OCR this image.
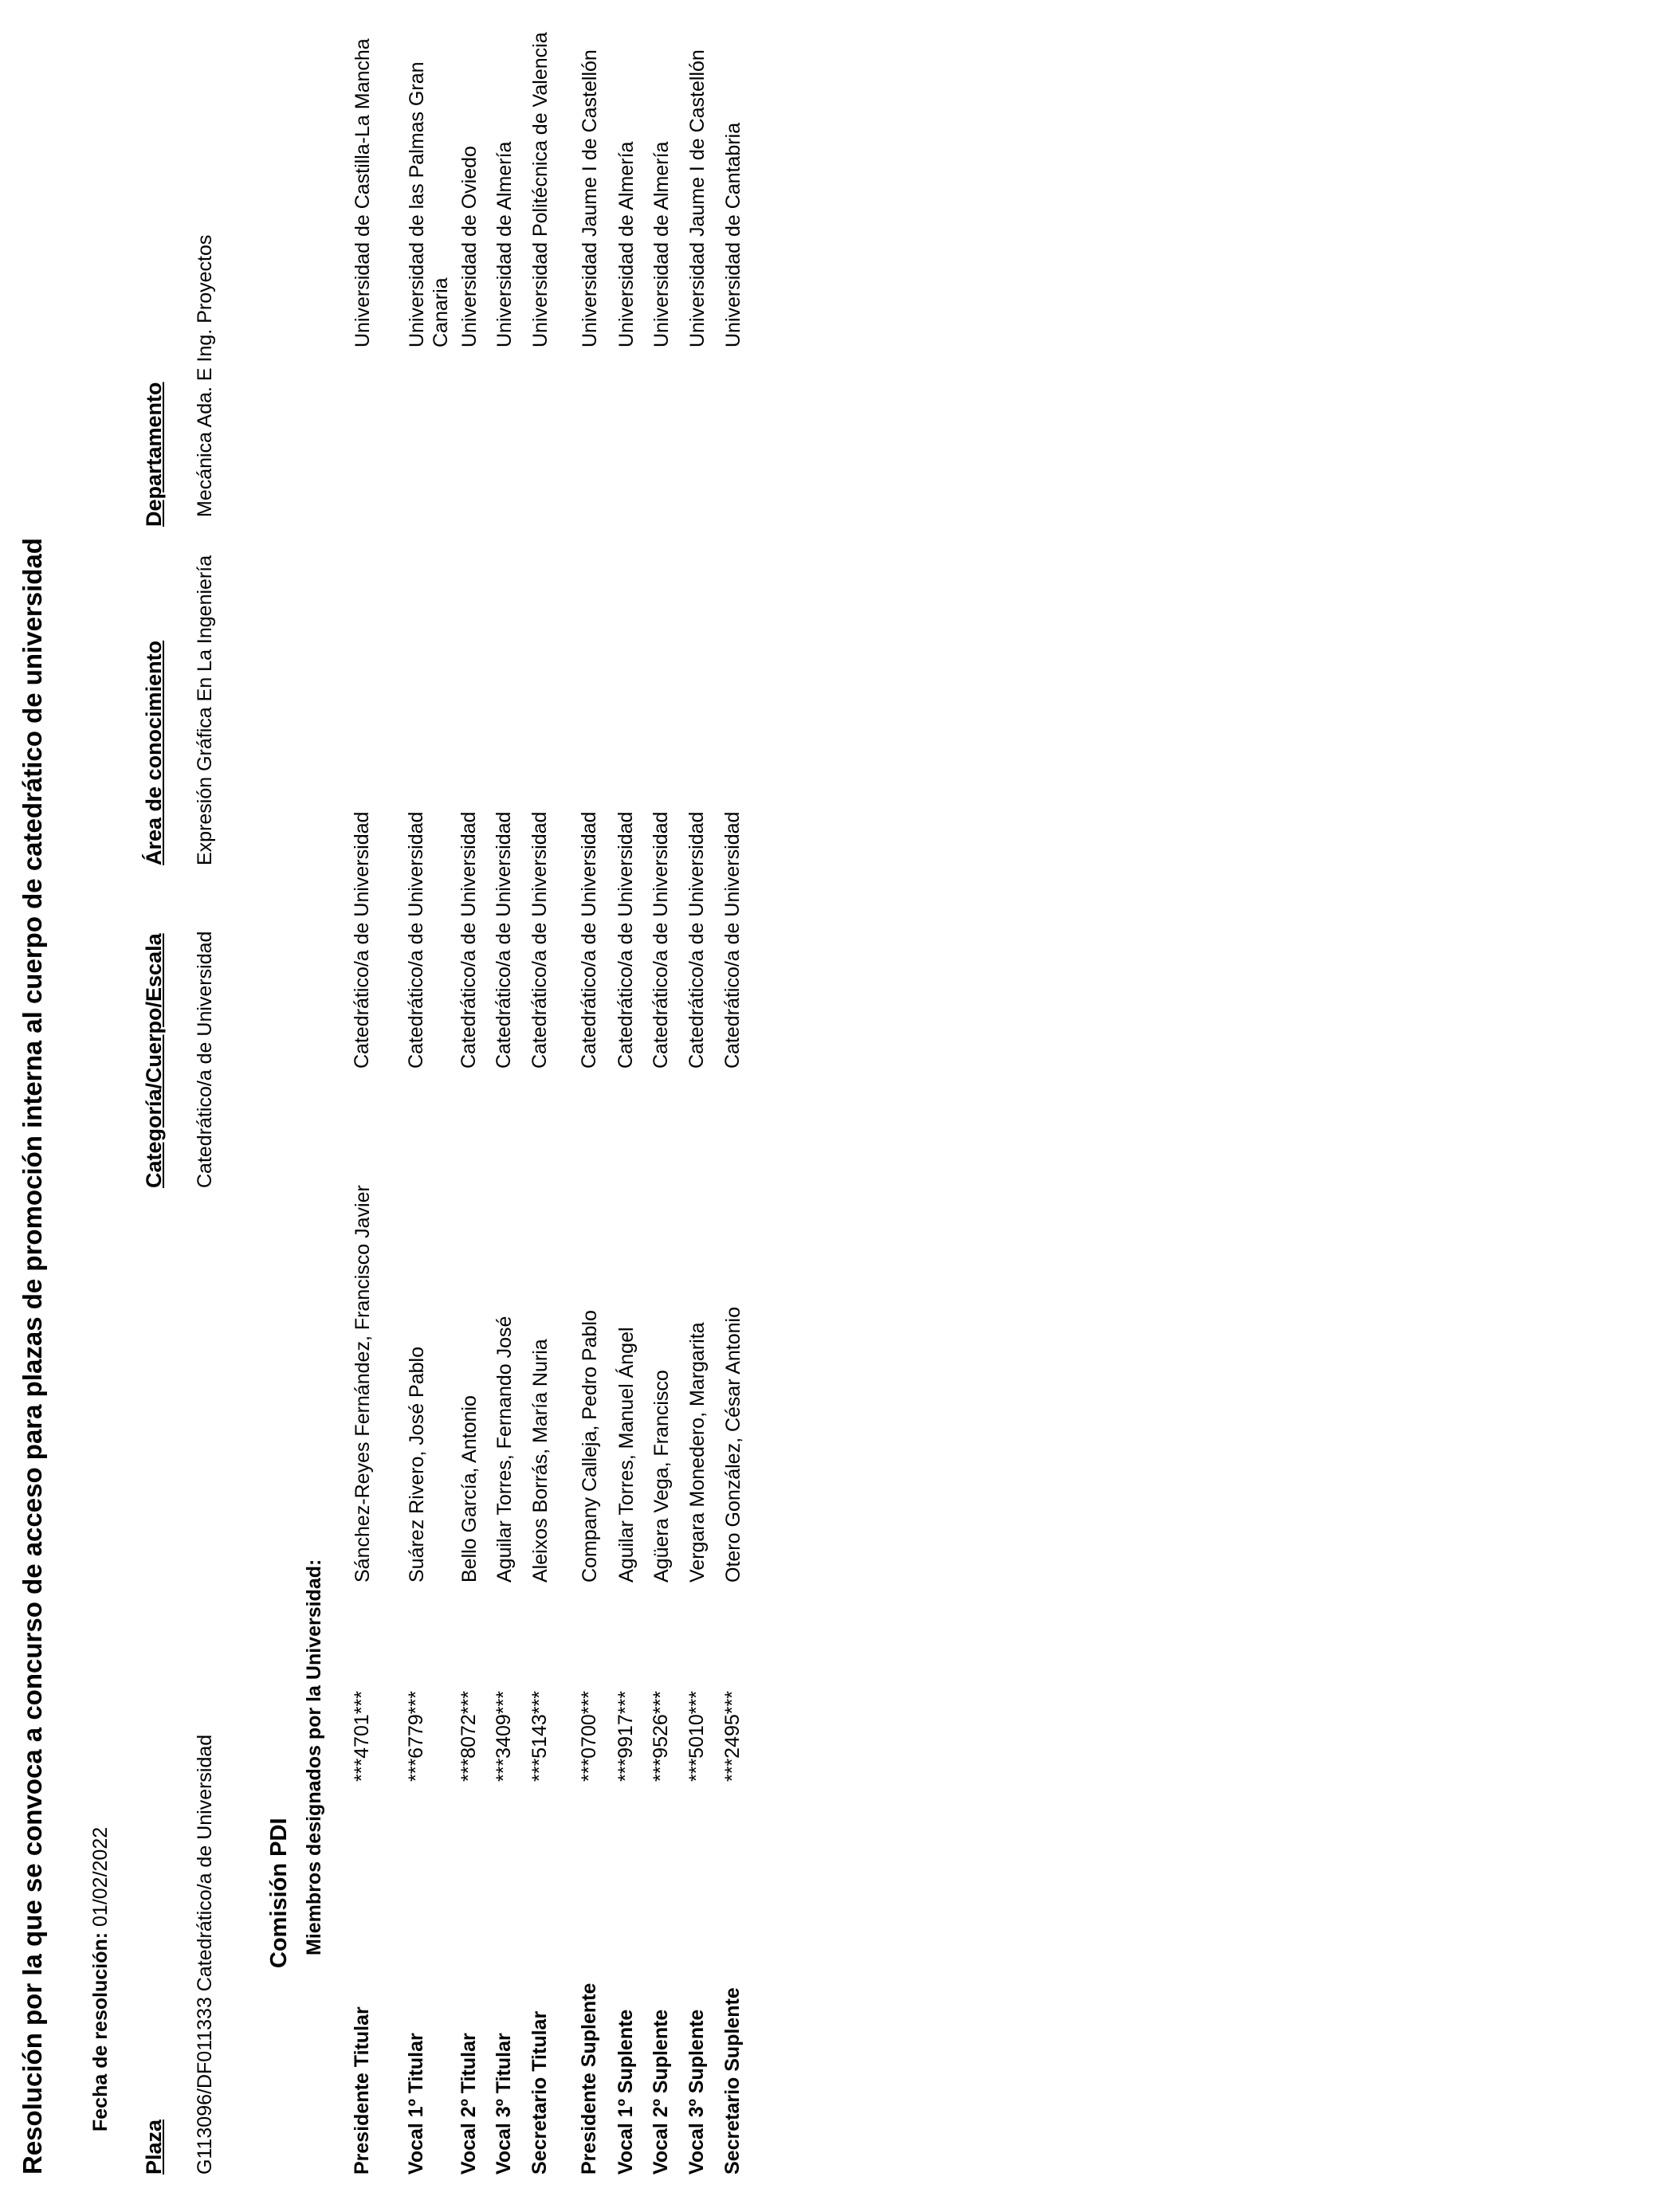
Resolución por la que se convoca a concurso de acceso para plazas de promoción interna al cuerpo de catedrático de universidad Fecha de resolución: 01/02/2022
Plaza
Categoría/Cuerpo/Escala
Área de conocimiento
Departamento
G113096/DF011333 Catedrático/a de Universidad
Catedrático/a de Universidad
Expresión Gráfica En La Ingeniería
Mecánica Ada. E Ing. Proyectos
Comisión PDI Miembros designados por la Universidad:
Presidente Titular
***4701***
Sánchez-Reyes Fernández, Francisco Javier
Catedrático/a de Universidad
Universidad de Castilla-La Mancha
Vocal 1º Titular
***6779***
Suárez Rivero, José Pablo
Catedrático/a de Universidad
Universidad de las Palmas Gran Canaria
Vocal 2º Titular
***8072***
Bello García, Antonio
Catedrático/a de Universidad
Universidad de Oviedo
Vocal 3º Titular
***3409***
Aguilar Torres, Fernando José
Catedrático/a de Universidad
Universidad de Almería
Secretario Titular
***5143***
Aleixos Borrás, María Nuria
Catedrático/a de Universidad
Universidad Politécnica de Valencia
Presidente Suplente
***0700***
Company Calleja, Pedro Pablo
Catedrático/a de Universidad
Universidad Jaume I de Castellón
Vocal 1º Suplente
***9917***
Aguilar Torres, Manuel Ángel
Catedrático/a de Universidad
Universidad de Almería
Vocal 2º Suplente
***9526***
Agüera Vega, Francisco
Catedrático/a de Universidad
Universidad de Almería
Vocal 3º Suplente
***5010***
Vergara Monedero, Margarita
Catedrático/a de Universidad
Universidad Jaume I de Castellón
Secretario Suplente
***2495***
Otero González, César Antonio
Catedrático/a de Universidad
Universidad de Cantabria
